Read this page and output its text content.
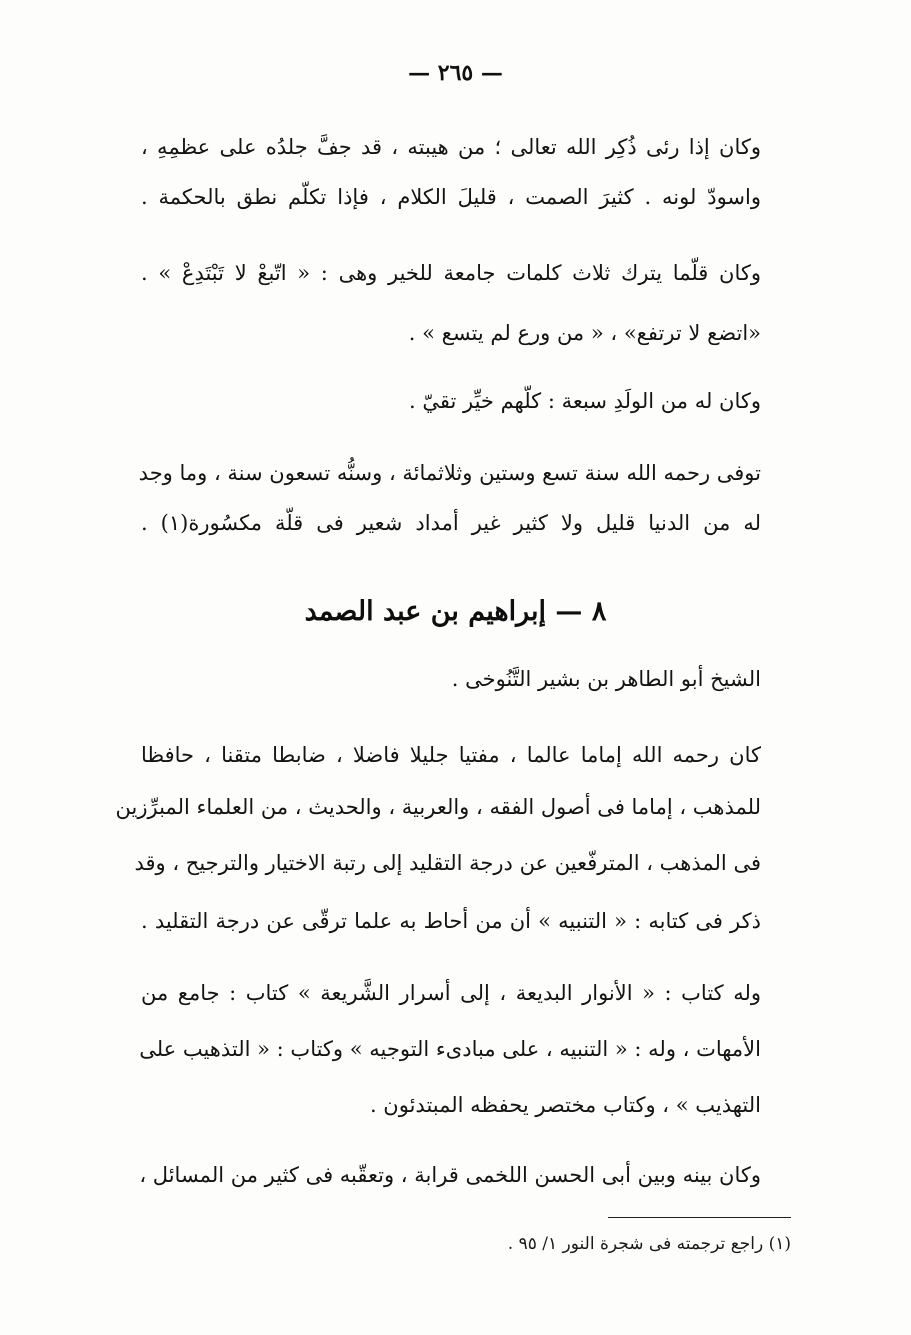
— ٢٦٥ —
وكان إذا رئى ذُكِر الله تعالى ؛ من هيبته ، قد جفَّ جلدُه على عظمِهِ ،
واسودّ لونه . كثيرَ الصمت ، قليلَ الكلام ، فإذا تكلّم نطق بالحكمة .
وكان قلّما يترك ثلاث كلمات جامعة للخير وهى : « اتّبعْ لا تَبْتَدِعْ » .
«اتضع لا ترتفع» ، « من ورع لم يتسع » .
وكان له من الولَدِ سبعة : كلّهم خيِّر تقيّ .
توفى رحمه الله سنة تسع وستين وثلاثمائة ، وسنُّه تسعون سنة ، وما وجد
له من الدنيا قليل ولا كثير غير أمداد شعير فى قلّة مكسُورة(١) .
٨ — إبراهيم بن عبد الصمد
الشيخ أبو الطاهر بن بشير التَّنُوخى .
كان رحمه الله إماما عالما ، مفتيا جليلا فاضلا ، ضابطا متقنا ، حافظا
للمذهب ، إماما فى أصول الفقه ، والعربية ، والحديث ، من العلماء المبرِّزين
فى المذهب ، المترفّعين عن درجة التقليد إلى رتبة الاختيار والترجيح ، وقد
ذكر فى كتابه : « التنبيه » أن من أحاط به علما ترقّى عن درجة التقليد .
وله كتاب : « الأنوار البديعة ، إلى أسرار الشَّريعة » كتاب : جامع من
الأمهات ، وله : « التنبيه ، على مبادىء التوجيه » وكتاب : « التذهيب على
التهذيب » ، وكتاب مختصر يحفظه المبتدئون .
وكان بينه وبين أبى الحسن اللخمى قرابة ، وتعقّبه فى كثير من المسائل ،
(١) راجع ترجمته فى شجرة النور ١/ ٩٥ .
